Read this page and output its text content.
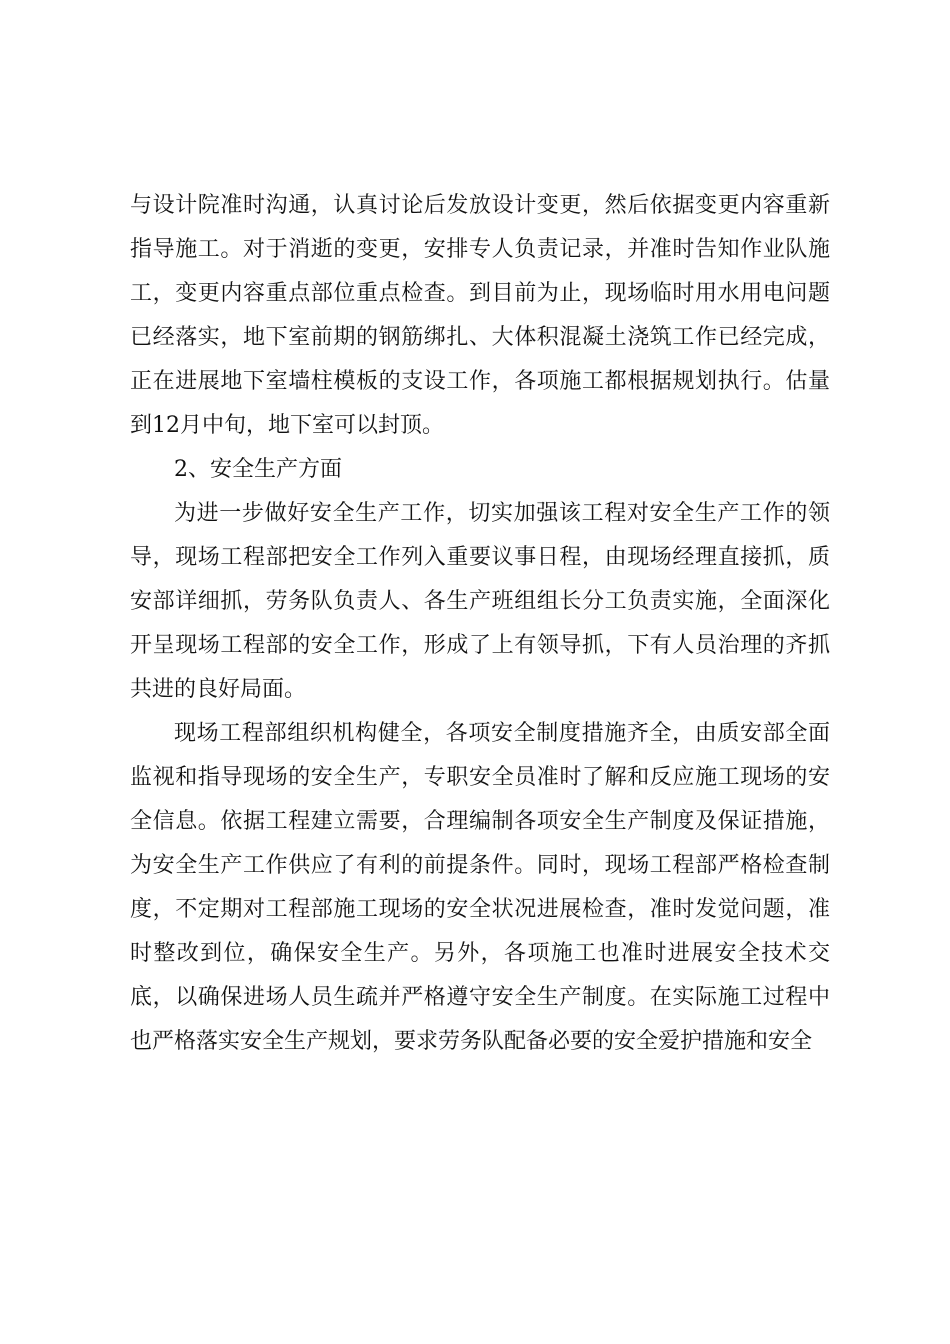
与设计院准时沟通，认真讨论后发放设计变更，然后依据变更内容重新指导施工。对于消逝的变更，安排专人负责记录，并准时告知作业队施工，变更内容重点部位重点检查。到目前为止，现场临时用水用电问题已经落实，地下室前期的钢筋绑扎、大体积混凝土浇筑工作已经完成，正在进展地下室墙柱模板的支设工作，各项施工都根据规划执行。估量到12月中旬，地下室可以封顶。

2、安全生产方面

为进一步做好安全生产工作，切实加强该工程对安全生产工作的领导，现场工程部把安全工作列入重要议事日程，由现场经理直接抓，质安部详细抓，劳务队负责人、各生产班组组长分工负责实施，全面深化开呈现场工程部的安全工作，形成了上有领导抓，下有人员治理的齐抓共进的良好局面。

现场工程部组织机构健全，各项安全制度措施齐全，由质安部全面监视和指导现场的安全生产，专职安全员准时了解和反应施工现场的安全信息。依据工程建立需要，合理编制各项安全生产制度及保证措施，为安全生产工作供应了有利的前提条件。同时，现场工程部严格检查制度，不定期对工程部施工现场的安全状况进展检查，准时发觉问题，准时整改到位，确保安全生产。另外，各项施工也准时进展安全技术交底，以确保进场人员生疏并严格遵守安全生产制度。在实际施工过程中也严格落实安全生产规划，要求劳务队配备必要的安全爱护措施和安全
